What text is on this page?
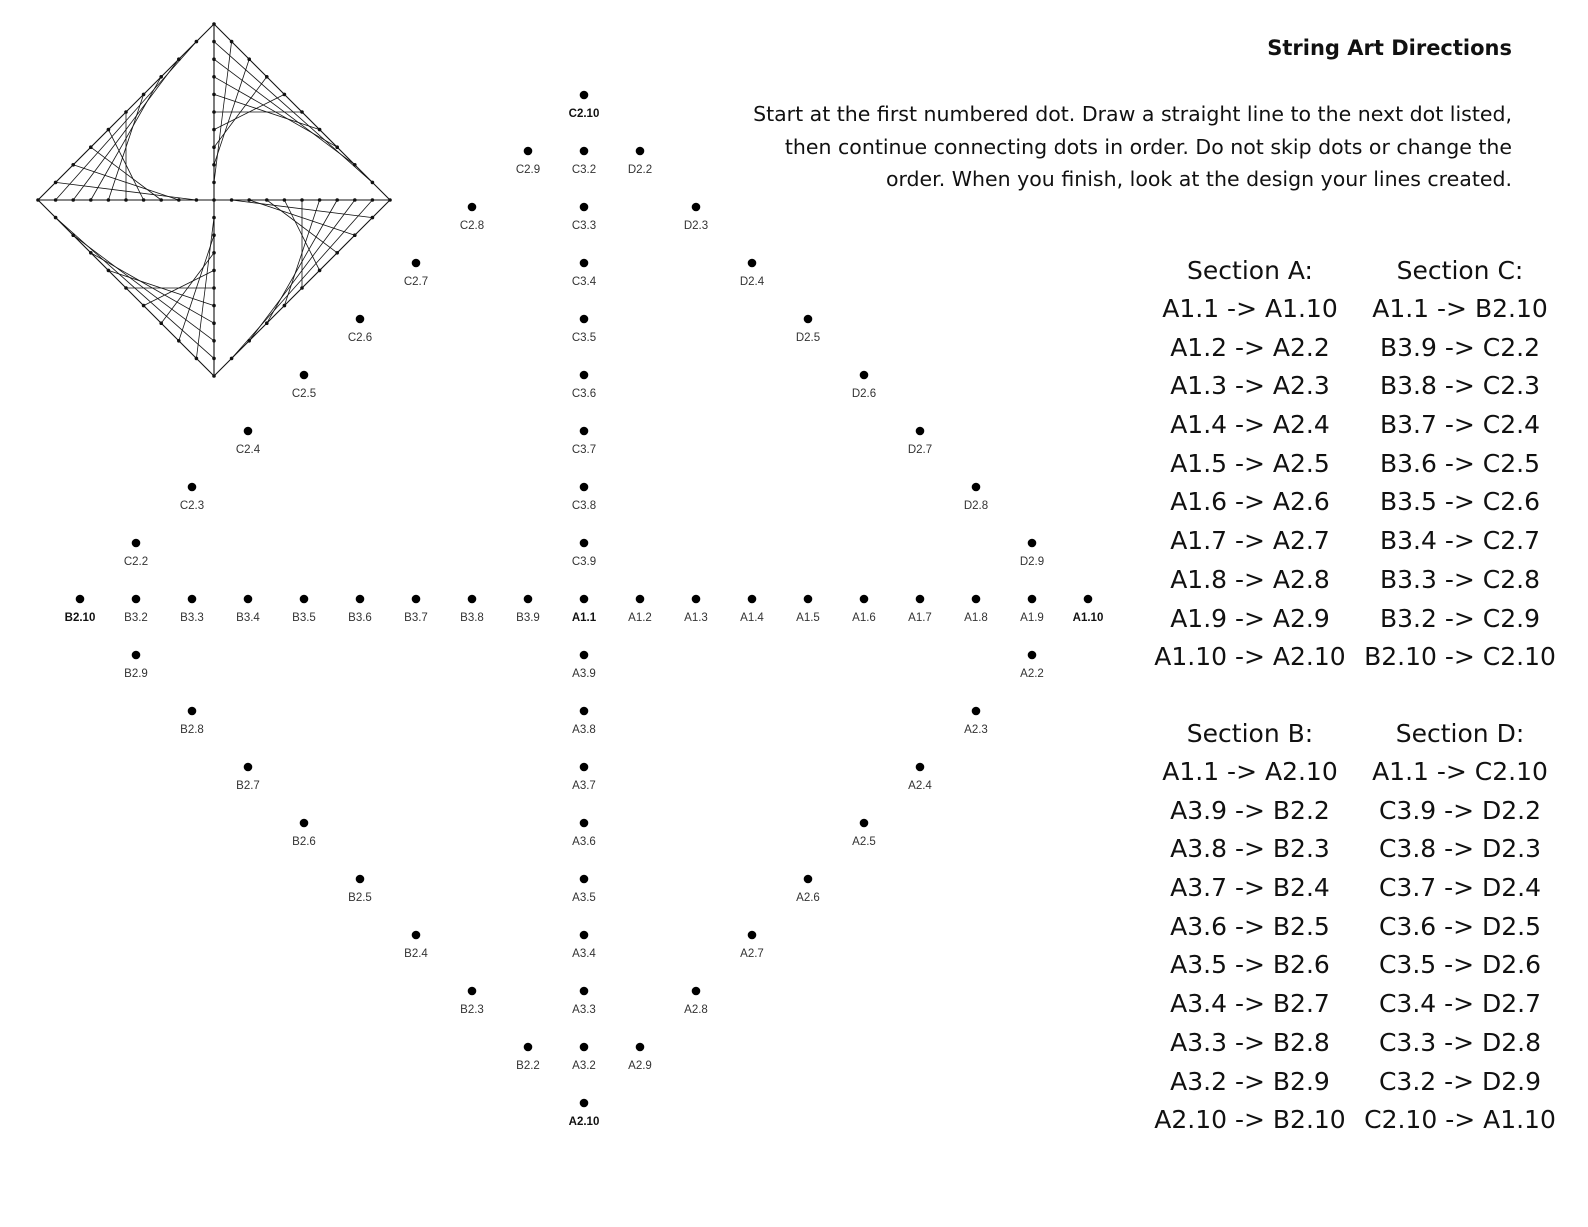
B2.10	B3.2	B3.3	B3.4	B3.5	B3.6	B3.7	B3.8	B3.9	A1.1	A1.2	A1.3	A1.4	A1.5	A1.6	A1.7	A1.8	A1.9	A1.10
C3.9
C3.8
C3.7
C3.6
C3.5
C3.4
C3.3
C3.2
C2.10
A3.9
A3.8
A3.7
A3.6
A3.5
A3.4
A3.3
A3.2
A2.10
C2.2
C2.3
C2.4
C2.5
C2.6
C2.7
C2.8
C2.9	D2.2
D2.3
D2.4
D2.5
D2.6
D2.7
D2.8
D2.9
B2.9
B2.8
B2.7
B2.6
B2.5
B2.4
B2.3
B2.2
A2.2
A2.3
A2.4
A2.5
A2.6
A2.7
A2.8
A2.9
String Art Directions

Start at the first numbered dot. Draw a straight line to the next dot listed, then continue connecting dots in order. Do not skip dots or change the order. When you finish, look at the design your lines created.

Section A:
A1.1 -> A1.10
A1.2 -> A2.2
A1.3 -> A2.3
A1.4 -> A2.4
A1.5 -> A2.5
A1.6 -> A2.6
A1.7 -> A2.7
A1.8 -> A2.8
A1.9 -> A2.9
A1.10 -> A2.10
Section C:
A1.1 -> B2.10
B3.9 -> C2.2
B3.8 -> C2.3
B3.7 -> C2.4
B3.6 -> C2.5
B3.5 -> C2.6
B3.4 -> C2.7
B3.3 -> C2.8
B3.2 -> C2.9
B2.10 -> C2.10
Section B:
A1.1 -> A2.10
A3.9 -> B2.2
A3.8 -> B2.3
A3.7 -> B2.4
A3.6 -> B2.5
A3.5 -> B2.6
A3.4 -> B2.7
A3.3 -> B2.8
A3.2 -> B2.9
A2.10 -> B2.10
Section D:
A1.1 -> C2.10
C3.9 -> D2.2
C3.8 -> D2.3
C3.7 -> D2.4
C3.6 -> D2.5
C3.5 -> D2.6
C3.4 -> D2.7
C3.3 -> D2.8
C3.2 -> D2.9
C2.10 -> A1.10
